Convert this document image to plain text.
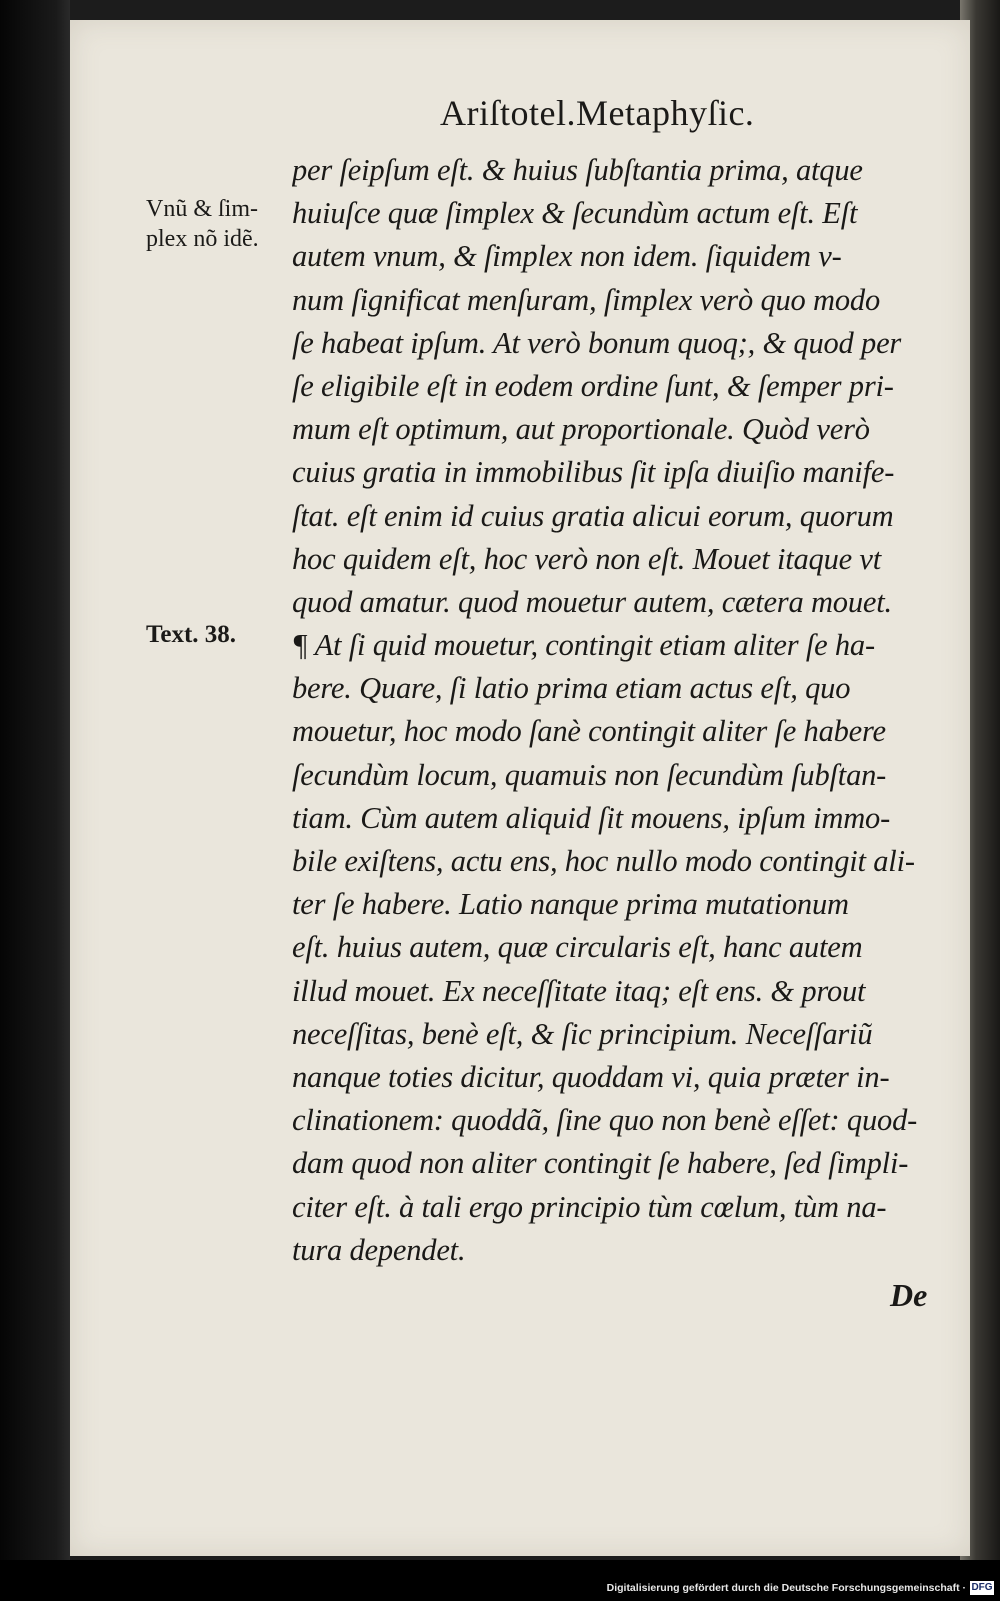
Ariſtotel.Metaphyſic.
Vnũ & ſim-
plex nõ idẽ.
Text. 38.
per ſeipſum eſt. & huius ſubſtantia prima, atque
huiuſce quæ ſimplex & ſecundùm actum eſt. Eſt
autem vnum, & ſimplex non idem. ſiquidem v-
num ſignificat menſuram, ſimplex verò quo modo
ſe habeat ipſum. At verò bonum quoq;, & quod per
ſe eligibile eſt in eodem ordine ſunt, & ſemper pri-
mum eſt optimum, aut proportionale. Quòd verò
cuius gratia in immobilibus ſit ipſa diuiſio manife-
ſtat. eſt enim id cuius gratia alicui eorum, quorum
hoc quidem eſt, hoc verò non eſt. Mouet itaque vt
quod amatur. quod mouetur autem, cætera mouet.
¶ At ſi quid mouetur, contingit etiam aliter ſe ha-
bere. Quare, ſi latio prima etiam actus eſt, quo
mouetur, hoc modo ſanè contingit aliter ſe habere
ſecundùm locum, quamuis non ſecundùm ſubſtan-
tiam. Cùm autem aliquid ſit mouens, ipſum immo-
bile exiſtens, actu ens, hoc nullo modo contingit ali-
ter ſe habere. Latio nanque prima mutationum
eſt. huius autem, quæ circularis eſt, hanc autem
illud mouet. Ex neceſſitate itaq; eſt ens. & prout
neceſſitas, benè eſt, & ſic principium. Neceſſariũ
nanque toties dicitur, quoddam vi, quia præter in-
clinationem: quoddã, ſine quo non benè eſſet: quod-
dam quod non aliter contingit ſe habere, ſed ſimpli-
citer eſt. à tali ergo principio tùm cœlum, tùm na-
tura dependet.
De
Digitalisierung gefördert durch die Deutsche Forschungsgemeinschaft · DFG
